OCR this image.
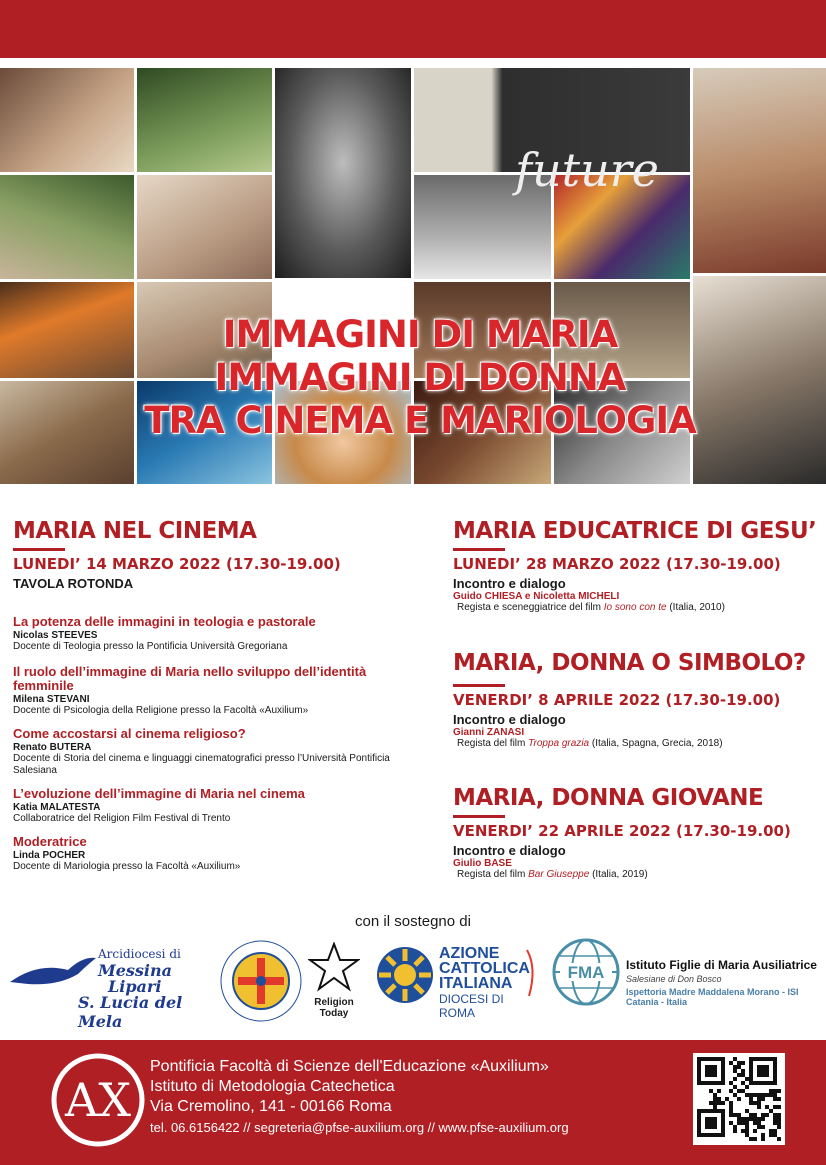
future
IMMAGINI DI MARIA
IMMAGINI DI DONNA
TRA CINEMA E MARIOLOGIA
MARIA NEL CINEMA
LUNEDI’ 14 MARZO 2022 (17.30-19.00)
TAVOLA ROTONDA
La potenza delle immagini in teologia e pastorale
Nicolas STEEVES
Docente di Teologia presso la Pontificia Università Gregoriana
Il ruolo dell’immagine di Maria nello sviluppo dell’identità femminile
Milena STEVANI
Docente di Psicologia della Religione presso la Facoltà «Auxilium»
Come accostarsi al cinema religioso?
Renato BUTERA
Docente di Storia del cinema e linguaggi cinematografici presso l’Università Pontificia Salesiana
L’evoluzione dell’immagine di Maria nel cinema
Katia MALATESTA
Collaboratrice del Religion Film Festival di Trento
Moderatrice
Linda POCHER
Docente di Mariologia presso la Facoltà «Auxilium»
MARIA EDUCATRICE DI GESU’
LUNEDI’ 28 MARZO 2022 (17.30-19.00)
Incontro e dialogo
Guido CHIESA e Nicoletta MICHELI
Regista e sceneggiatrice del film Io sono con te (Italia, 2010)
MARIA, DONNA O SIMBOLO?
VENERDI’ 8 APRILE 2022 (17.30-19.00)
Incontro e dialogo
Gianni ZANASI
Regista del film Troppa grazia (Italia, Spagna, Grecia, 2018)
MARIA, DONNA GIOVANE
VENERDI’ 22 APRILE 2022 (17.30-19.00)
Incontro e dialogo
Giulio BASE
Regista del film Bar Giuseppe (Italia, 2019)
con il sostegno di
Arcidiocesi di
Messina
Lipari
S. Lucia del Mela
Religion Today
AZIONE
CATTOLICA
ITALIANA
DIOCESI DI ROMA
FMA Istituto Figlie di Maria Ausiliatrice
Salesiane di Don Bosco
Ispettoria Madre Maddalena Morano - ISI
Catania - Italia
AX
Pontificia Facoltà di Scienze dell'Educazione «Auxilium»
Istituto di Metodologia Catechetica
Via Cremolino, 141 - 00166 Roma
tel. 06.6156422 // segreteria@pfse-auxilium.org // www.pfse-auxilium.org
